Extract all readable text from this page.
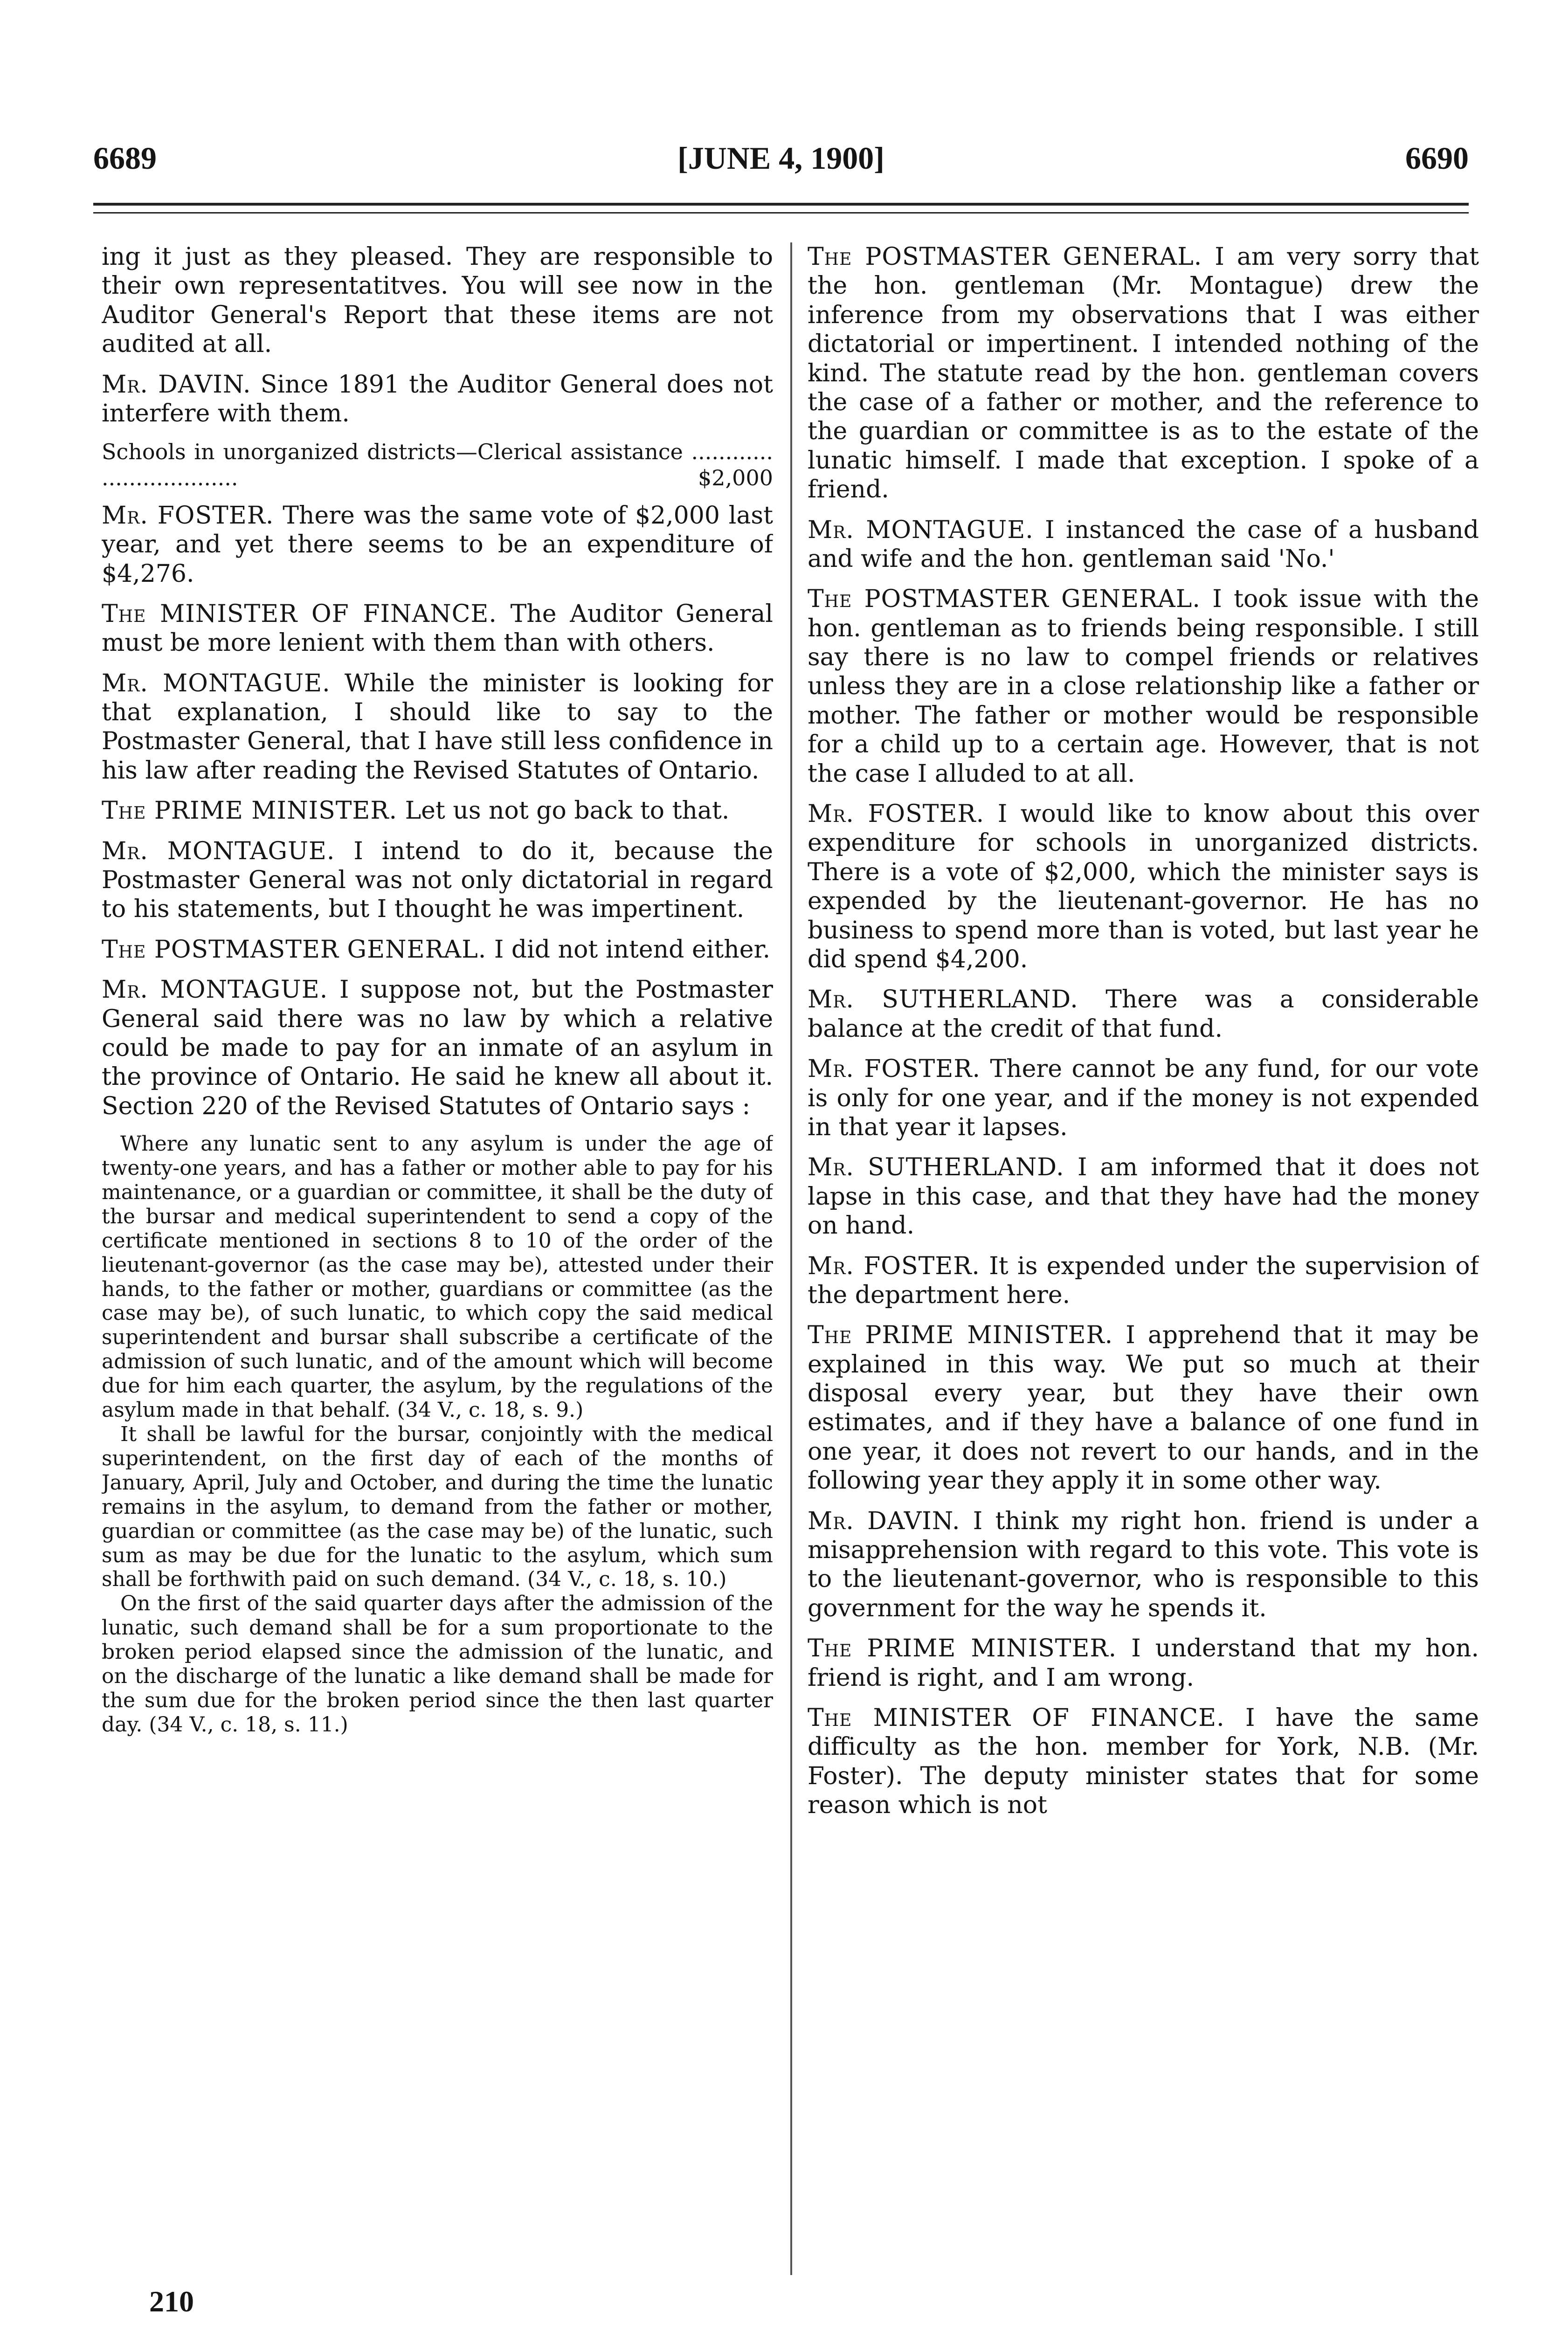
6689	[JUNE 4, 1900]	6690

ing it just as they pleased. They are responsible to their own representatitves. You will see now in the Auditor General's Report that these items are not audited at all.

Mr. DAVIN. Since 1891 the Auditor General does not interfere with them.

Schools in unorganized districts—Clerical assistance ............ ....................	$2,000

Mr. FOSTER. There was the same vote of $2,000 last year, and yet there seems to be an expenditure of $4,276.

The MINISTER OF FINANCE. The Auditor General must be more lenient with them than with others.

Mr. MONTAGUE. While the minister is looking for that explanation, I should like to say to the Postmaster General, that I have still less confidence in his law after reading the Revised Statutes of Ontario.

The PRIME MINISTER. Let us not go back to that.

Mr. MONTAGUE. I intend to do it, because the Postmaster General was not only dictatorial in regard to his statements, but I thought he was impertinent.

The POSTMASTER GENERAL. I did not intend either.

Mr. MONTAGUE. I suppose not, but the Postmaster General said there was no law by which a relative could be made to pay for an inmate of an asylum in the province of Ontario. He said he knew all about it. Section 220 of the Revised Statutes of Ontario says :

Where any lunatic sent to any asylum is under the age of twenty-one years, and has a father or mother able to pay for his maintenance, or a guardian or committee, it shall be the duty of the bursar and medical superintendent to send a copy of the certificate mentioned in sections 8 to 10 of the order of the lieutenant-governor (as the case may be), attested under their hands, to the father or mother, guardians or committee (as the case may be), of such lunatic, to which copy the said medical superintendent and bursar shall subscribe a certificate of the admission of such lunatic, and of the amount which will become due for him each quarter, the asylum, by the regulations of the asylum made in that behalf. (34 V., c. 18, s. 9.)

It shall be lawful for the bursar, conjointly with the medical superintendent, on the first day of each of the months of January, April, July and October, and during the time the lunatic remains in the asylum, to demand from the father or mother, guardian or committee (as the case may be) of the lunatic, such sum as may be due for the lunatic to the asylum, which sum shall be forthwith paid on such demand. (34 V., c. 18, s. 10.)

On the first of the said quarter days after the admission of the lunatic, such demand shall be for a sum proportionate to the broken period elapsed since the admission of the lunatic, and on the discharge of the lunatic a like demand shall be made for the sum due for the broken period since the then last quarter day. (34 V., c. 18, s. 11.)

The POSTMASTER GENERAL. I am very sorry that the hon. gentleman (Mr. Montague) drew the inference from my observations that I was either dictatorial or impertinent. I intended nothing of the kind. The statute read by the hon. gentleman covers the case of a father or mother, and the reference to the guardian or committee is as to the estate of the lunatic himself. I made that exception. I spoke of a friend.

Mr. MONTAGUE. I instanced the case of a husband and wife and the hon. gentleman said 'No.'

The POSTMASTER GENERAL. I took issue with the hon. gentleman as to friends being responsible. I still say there is no law to compel friends or relatives unless they are in a close relationship like a father or mother. The father or mother would be responsible for a child up to a certain age. However, that is not the case I alluded to at all.

Mr. FOSTER. I would like to know about this over expenditure for schools in unorganized districts. There is a vote of $2,000, which the minister says is expended by the lieutenant-governor. He has no business to spend more than is voted, but last year he did spend $4,200.

Mr. SUTHERLAND. There was a considerable balance at the credit of that fund.

Mr. FOSTER. There cannot be any fund, for our vote is only for one year, and if the money is not expended in that year it lapses.

Mr. SUTHERLAND. I am informed that it does not lapse in this case, and that they have had the money on hand.

Mr. FOSTER. It is expended under the supervision of the department here.

The PRIME MINISTER. I apprehend that it may be explained in this way. We put so much at their disposal every year, but they have their own estimates, and if they have a balance of one fund in one year, it does not revert to our hands, and in the following year they apply it in some other way.

Mr. DAVIN. I think my right hon. friend is under a misapprehension with regard to this vote. This vote is to the lieutenant-governor, who is responsible to this government for the way he spends it.

The PRIME MINISTER. I understand that my hon. friend is right, and I am wrong.

The MINISTER OF FINANCE. I have the same difficulty as the hon. member for York, N.B. (Mr. Foster). The deputy minister states that for some reason which is not

210
